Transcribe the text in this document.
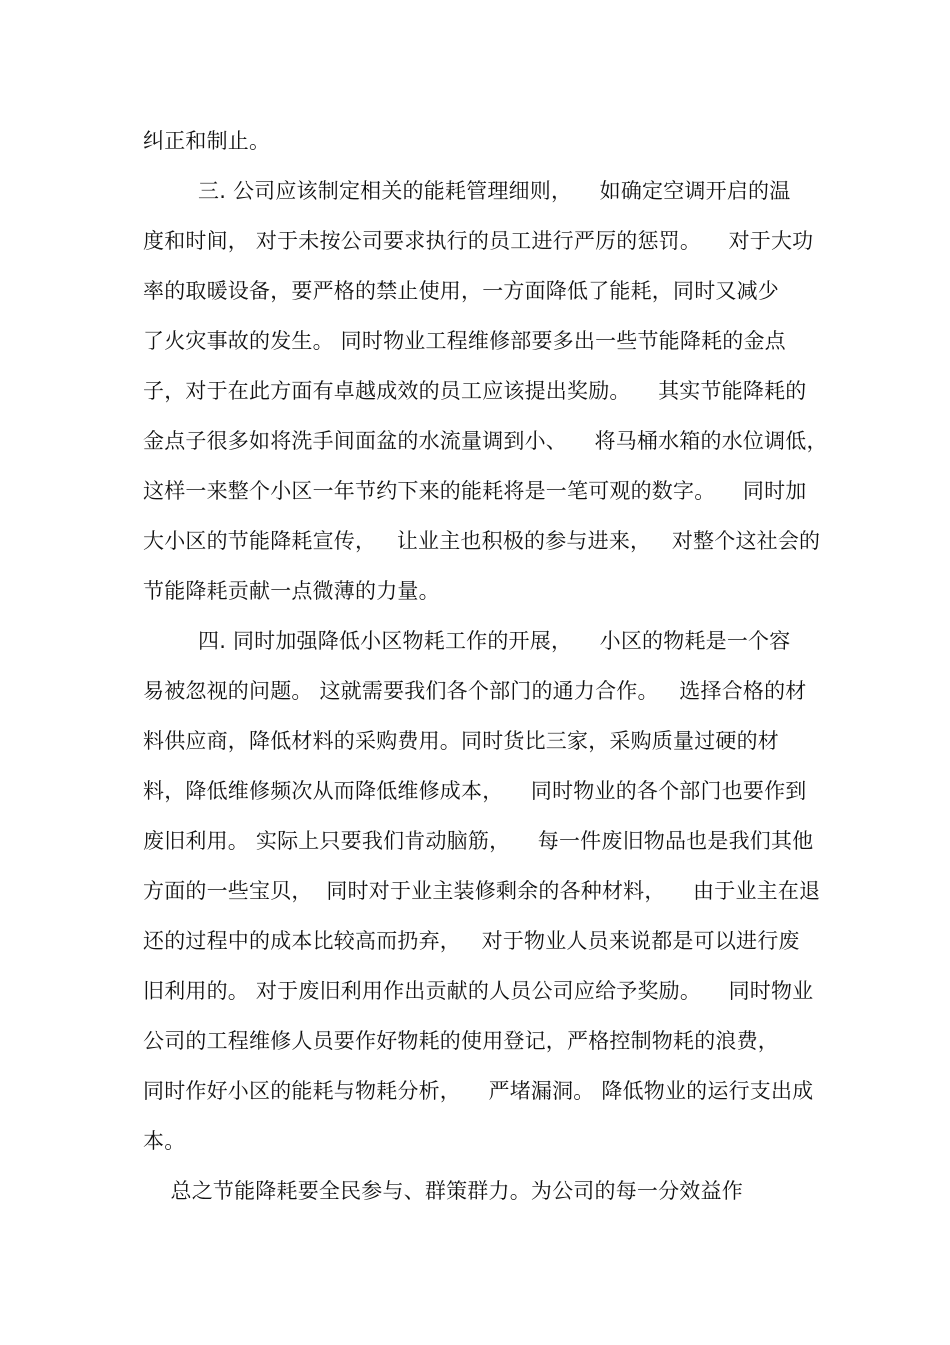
纠正和制止。
三. 公司应该制定相关的能耗管理细则，    如确定空调开启的温
度和时间， 对于未按公司要求执行的员工进行严厉的惩罚。    对于大功
率的取暖设备，要严格的禁止使用，一方面降低了能耗，同时又减少
了火灾事故的发生。 同时物业工程维修部要多出一些节能降耗的金点
子，对于在此方面有卓越成效的员工应该提出奖励。    其实节能降耗的
金点子很多如将洗手间面盆的水流量调到小、    将马桶水箱的水位调低，
这样一来整个小区一年节约下来的能耗将是一笔可观的数字。    同时加
大小区的节能降耗宣传，   让业主也积极的参与进来，   对整个这社会的
节能降耗贡献一点微薄的力量。
四. 同时加强降低小区物耗工作的开展，    小区的物耗是一个容
易被忽视的问题。 这就需要我们各个部门的通力合作。   选择合格的材
料供应商，降低材料的采购费用。同时货比三家，采购质量过硬的材
料，降低维修频次从而降低维修成本，    同时物业的各个部门也要作到
废旧利用。 实际上只要我们肯动脑筋，    每一件废旧物品也是我们其他
方面的一些宝贝，  同时对于业主装修剩余的各种材料，    由于业主在退
还的过程中的成本比较高而扔弃，   对于物业人员来说都是可以进行废
旧利用的。 对于废旧利用作出贡献的人员公司应给予奖励。    同时物业
公司的工程维修人员要作好物耗的使用登记，严格控制物耗的浪费，
同时作好小区的能耗与物耗分析，    严堵漏洞。 降低物业的运行支出成
本。
总之节能降耗要全民参与、群策群力。为公司的每一分效益作
